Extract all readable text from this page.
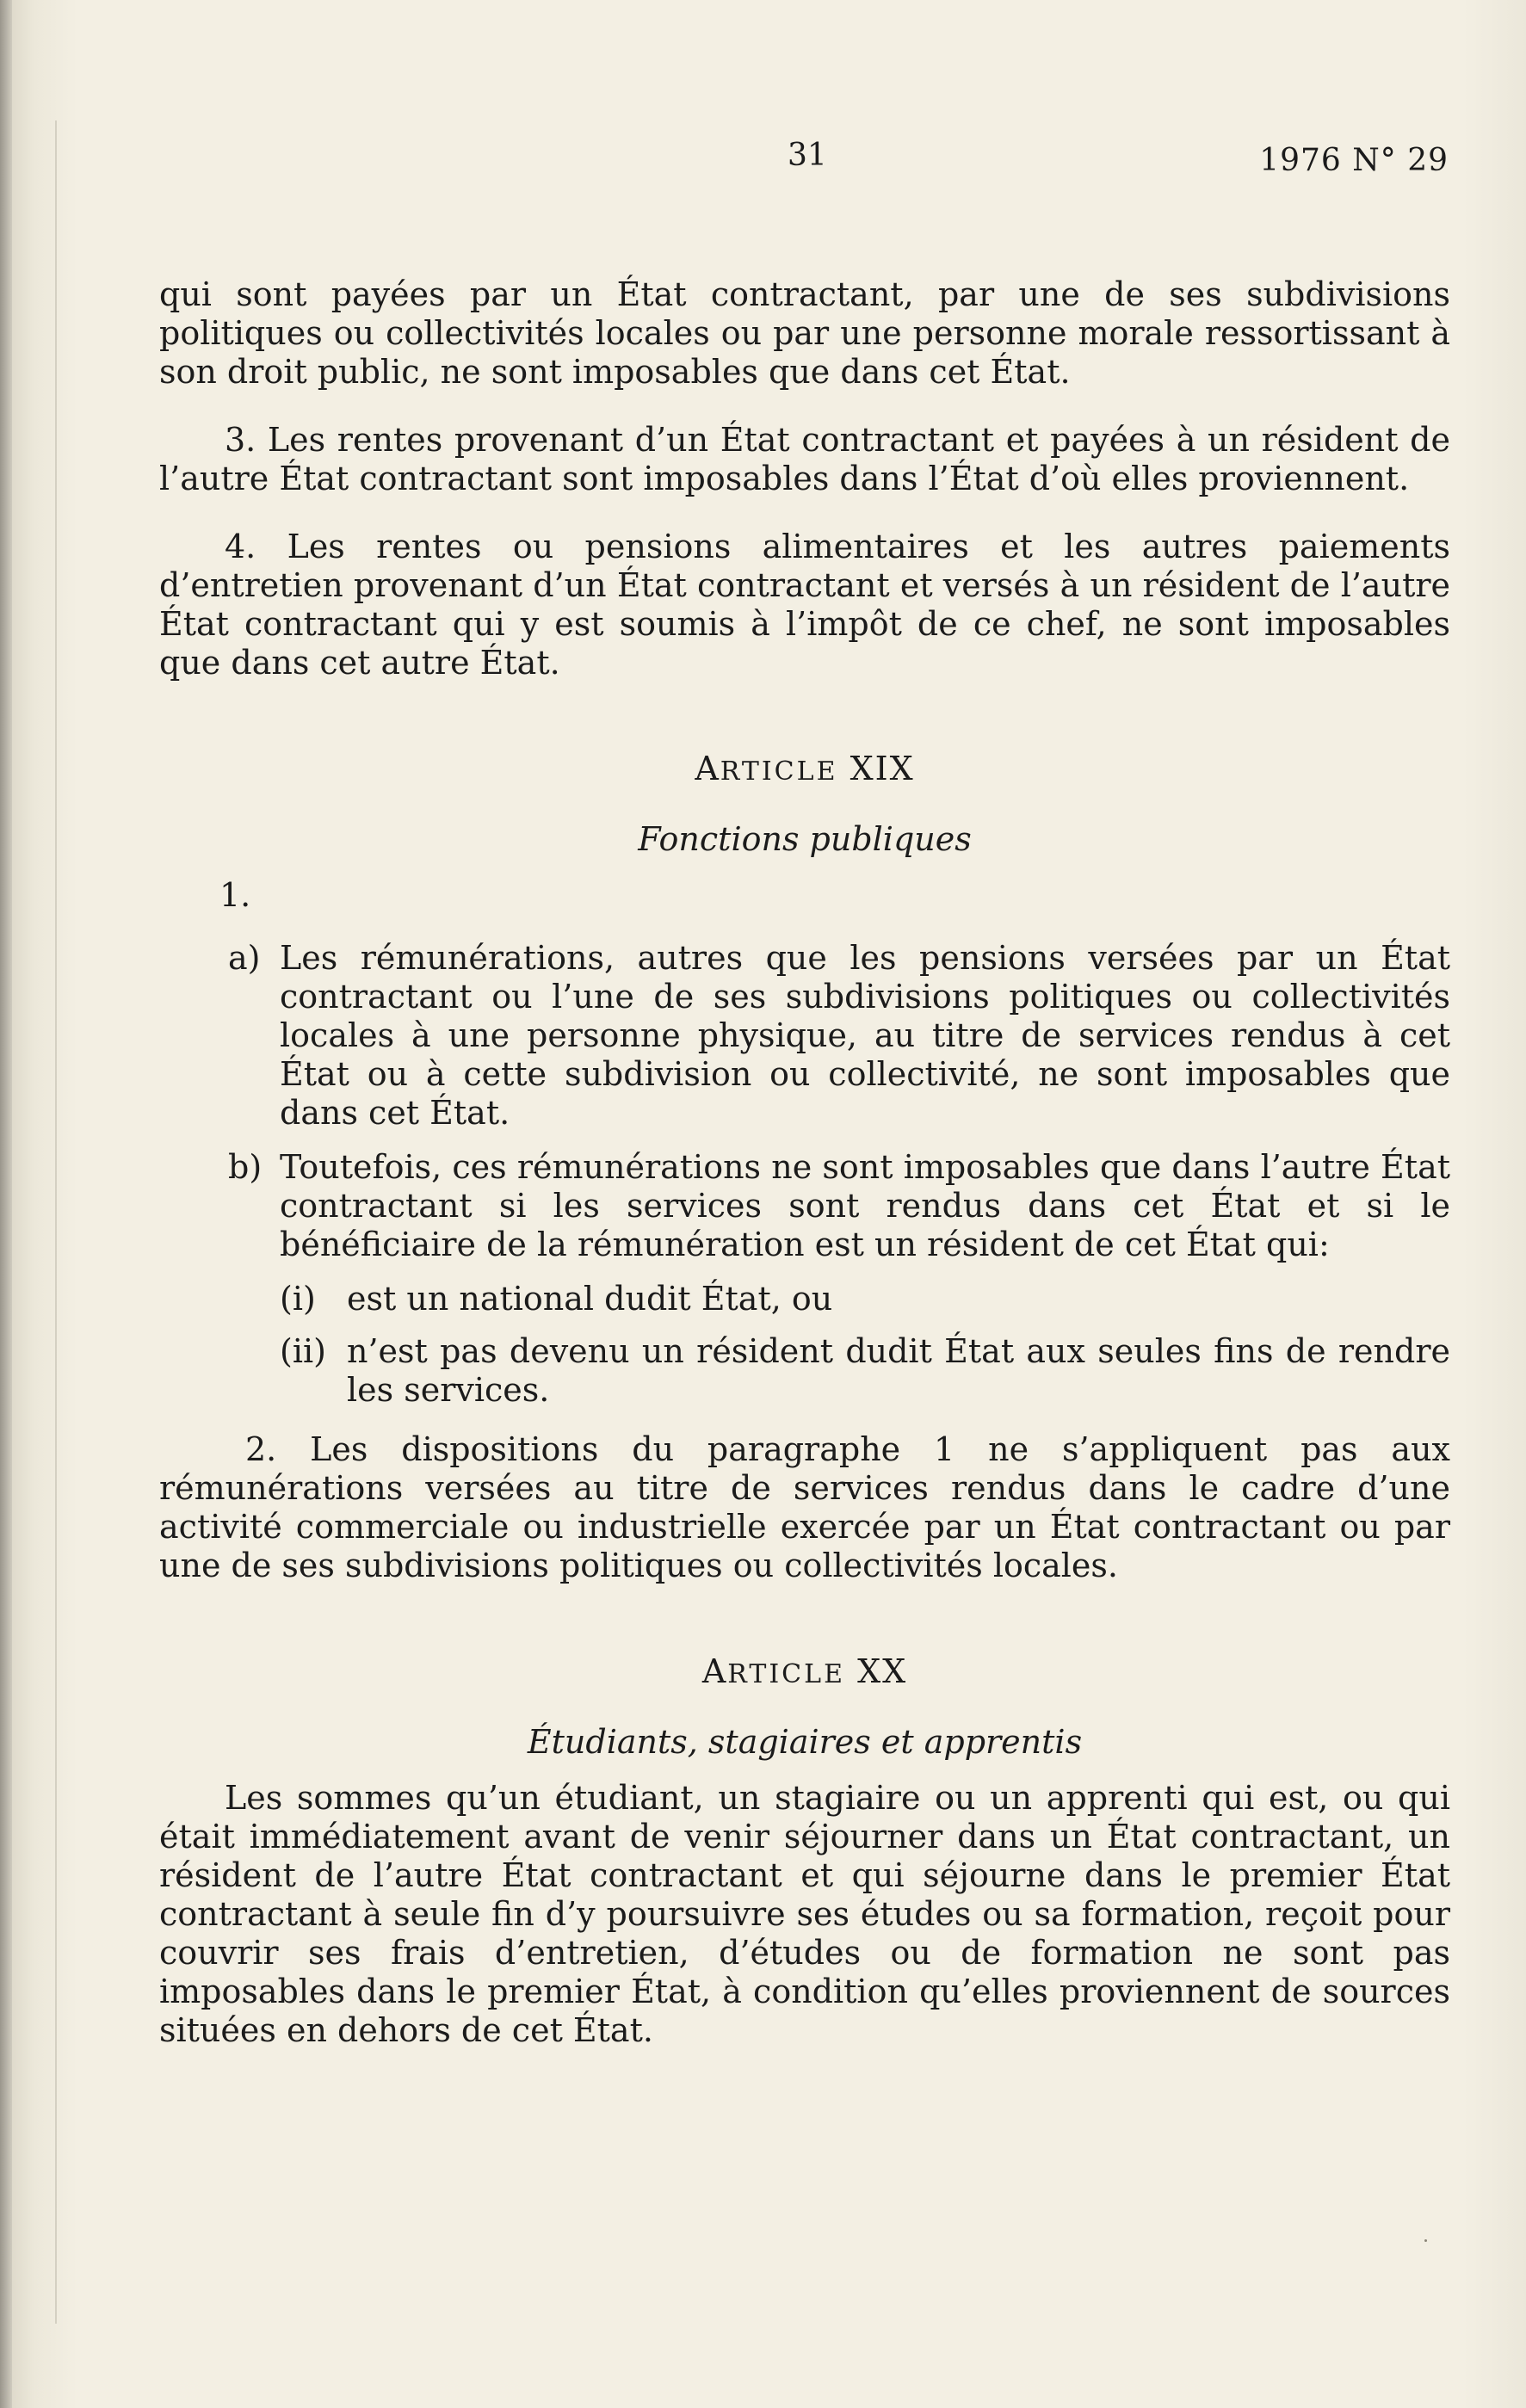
31	1976 N° 29

qui sont payées par un État contractant, par une de ses subdivisions politiques ou collectivités locales ou par une personne morale ressortissant à son droit public, ne sont imposables que dans cet État.

3. Les rentes provenant d’un État contractant et payées à un résident de l’autre État contractant sont imposables dans l’État d’où elles proviennent.

4. Les rentes ou pensions alimentaires et les autres paiements d’entretien provenant d’un État contractant et versés à un résident de l’autre État contractant qui y est soumis à l’impôt de ce chef, ne sont imposables que dans cet autre État.

ARTICLE XIX
Fonctions publiques
1.
a) Les rémunérations, autres que les pensions versées par un État contractant ou l’une de ses subdivisions politiques ou collectivités locales à une personne physique, au titre de services rendus à cet État ou à cette subdivision ou collectivité, ne sont imposables que dans cet État.

b) Toutefois, ces rémunérations ne sont imposables que dans l’autre État contractant si les services sont rendus dans cet État et si le bénéficiaire de la rémunération est un résident de cet État qui:

(i) est un national dudit État, ou

(ii) n’est pas devenu un résident dudit État aux seules fins de rendre les services.

2. Les dispositions du paragraphe 1 ne s’appliquent pas aux rémunérations versées au titre de services rendus dans le cadre d’une activité commerciale ou industrielle exercée par un État contractant ou par une de ses subdivisions politiques ou collectivités locales.

ARTICLE XX
Étudiants, stagiaires et apprentis

Les sommes qu’un étudiant, un stagiaire ou un apprenti qui est, ou qui était immédiatement avant de venir séjourner dans un État contractant, un résident de l’autre État contractant et qui séjourne dans le premier État contractant à seule fin d’y poursuivre ses études ou sa formation, reçoit pour couvrir ses frais d’entretien, d’études ou de formation ne sont pas imposables dans le premier État, à condition qu’elles proviennent de sources situées en dehors de cet État.
